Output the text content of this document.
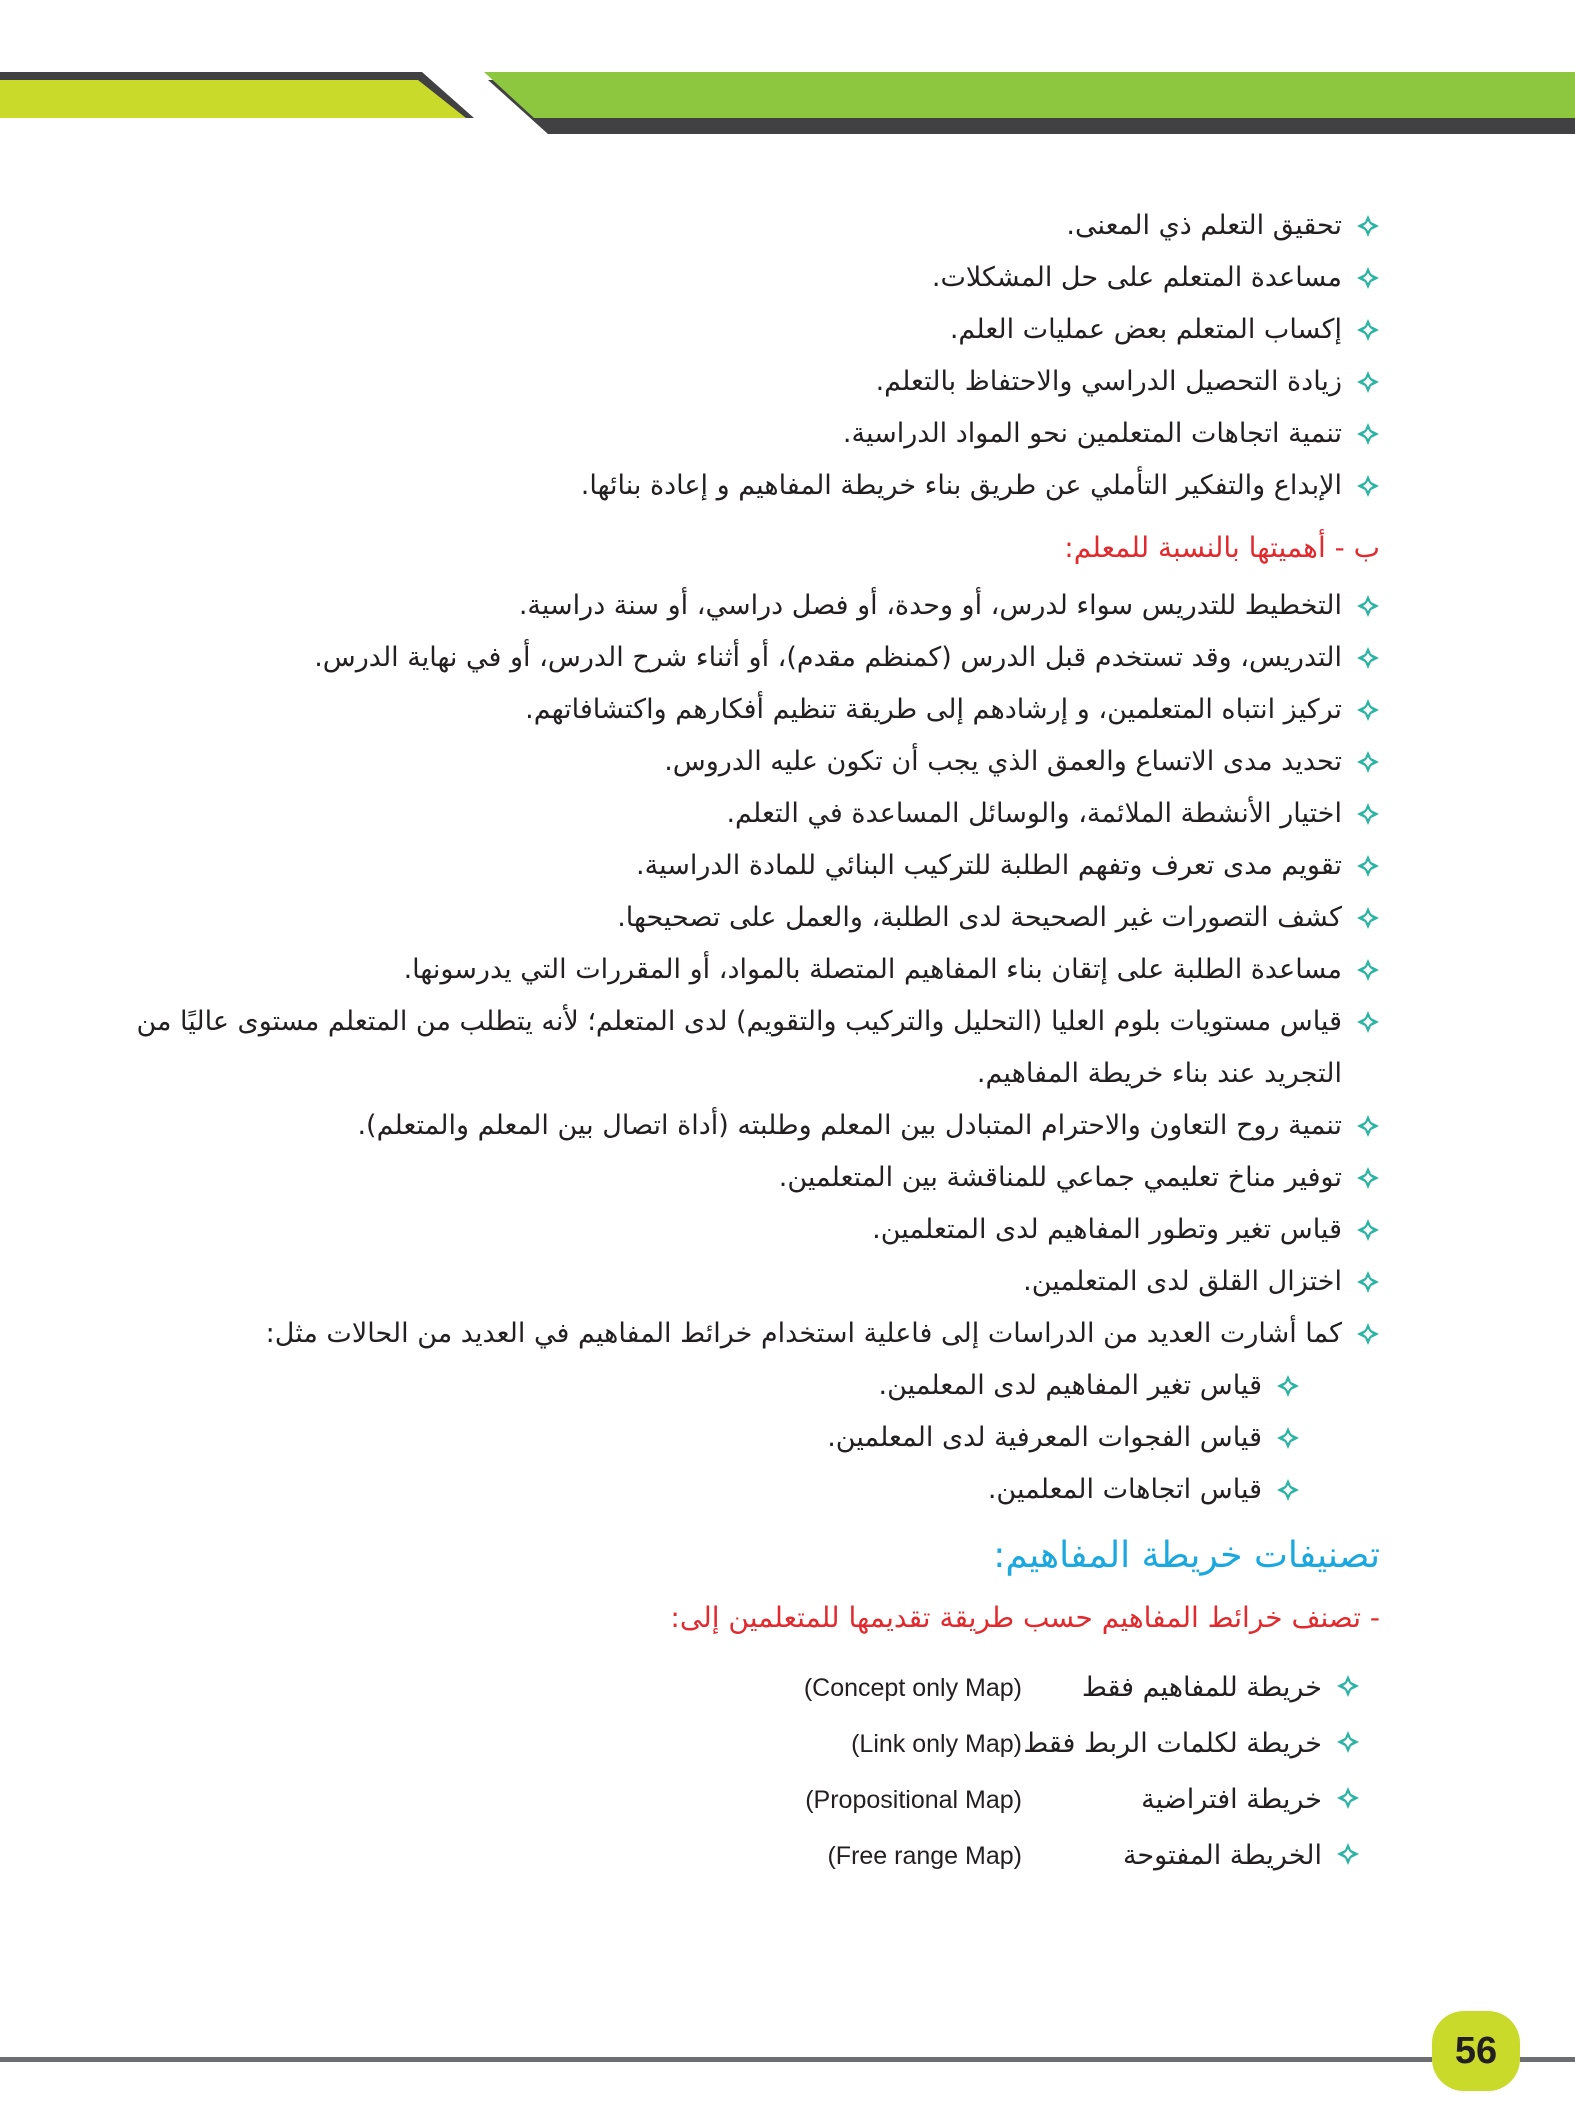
تحقيق التعلم ذي المعنى.
مساعدة المتعلم على حل المشكلات.
إكساب المتعلم بعض عمليات العلم.
زيادة التحصيل الدراسي والاحتفاظ بالتعلم.
تنمية اتجاهات المتعلمين نحو المواد الدراسية.
الإبداع والتفكير التأملي عن طريق بناء خريطة المفاهيم و إعادة بنائها.
ب - أهميتها بالنسبة للمعلم:
التخطيط للتدريس سواء لدرس، أو وحدة، أو فصل دراسي، أو سنة دراسية.
التدريس، وقد تستخدم قبل الدرس (كمنظم مقدم)، أو أثناء شرح الدرس، أو في نهاية الدرس.
تركيز انتباه المتعلمين، و إرشادهم إلى طريقة تنظيم أفكارهم واكتشافاتهم.
تحديد مدى الاتساع والعمق الذي يجب أن تكون عليه الدروس.
اختيار الأنشطة الملائمة، والوسائل المساعدة في التعلم.
تقويم مدى تعرف وتفهم الطلبة للتركيب البنائي للمادة الدراسية.
كشف التصورات غير الصحيحة لدى الطلبة، والعمل على تصحيحها.
مساعدة الطلبة على إتقان بناء المفاهيم المتصلة بالمواد، أو المقررات التي يدرسونها.
قياس مستويات بلوم العليا (التحليل والتركيب والتقويم) لدى المتعلم؛ لأنه يتطلب من المتعلم مستوى عاليًا من التجريد عند بناء خريطة المفاهيم.
تنمية روح التعاون والاحترام المتبادل بين المعلم وطلبته (أداة اتصال بين المعلم والمتعلم).
توفير مناخ تعليمي جماعي للمناقشة بين المتعلمين.
قياس تغير وتطور المفاهيم لدى المتعلمين.
اختزال القلق لدى المتعلمين.
كما أشارت العديد من الدراسات إلى فاعلية استخدام خرائط المفاهيم في العديد من الحالات مثل:
قياس تغير المفاهيم لدى المعلمين.
قياس الفجوات المعرفية لدى المعلمين.
قياس اتجاهات المعلمين.
تصنيفات خريطة المفاهيم:
- تصنف خرائط المفاهيم حسب طريقة تقديمها للمتعلمين إلى:
خريطة للمفاهيم فقط(Concept only Map)
خريطة لكلمات الربط فقط(Link only Map)
خريطة افتراضية(Propositional Map)
الخريطة المفتوحة(Free range Map)
56
